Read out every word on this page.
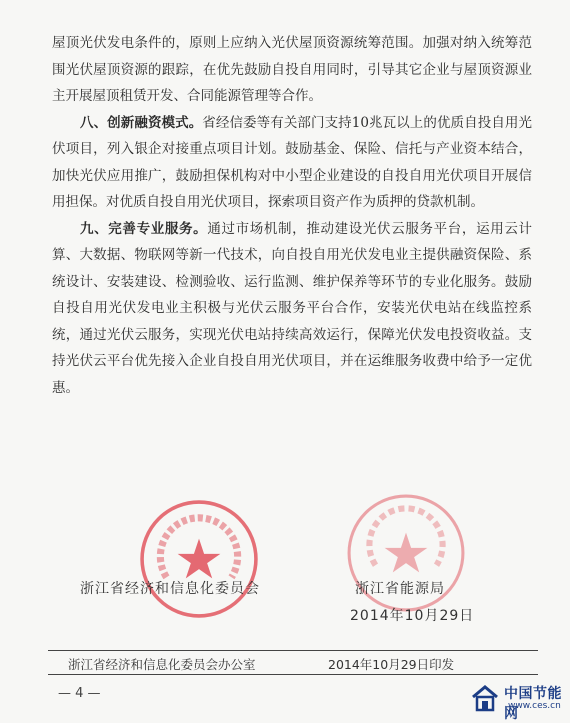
屋顶光伏发电条件的，原则上应纳入光伏屋顶资源统筹范围。加强对纳入统筹范围光伏屋顶资源的跟踪，在优先鼓励自投自用同时，引导其它企业与屋顶资源业主开展屋顶租赁开发、合同能源管理等合作。

八、创新融资模式。省经信委等有关部门支持10兆瓦以上的优质自投自用光伏项目，列入银企对接重点项目计划。鼓励基金、保险、信托与产业资本结合，加快光伏应用推广，鼓励担保机构对中小型企业建设的自投自用光伏项目开展信用担保。对优质自投自用光伏项目，探索项目资产作为质押的贷款机制。

九、完善专业服务。通过市场机制，推动建设光伏云服务平台，运用云计算、大数据、物联网等新一代技术，向自投自用光伏发电业主提供融资保险、系统设计、安装建设、检测验收、运行监测、维护保养等环节的专业化服务。鼓励自投自用光伏发电业主积极与光伏云服务平台合作，安装光伏电站在线监控系统，通过光伏云服务，实现光伏电站持续高效运行，保障光伏发电投资收益。支持光伏云平台优先接入企业自投自用光伏项目，并在运维服务收费中给予一定优惠。

浙江省经济和信息化委员会	浙江省能源局
2014年10月29日
浙江省经济和信息化委员会办公室	2014年10月29日印发
— 4 —	中国节能网
www.ces.cn
